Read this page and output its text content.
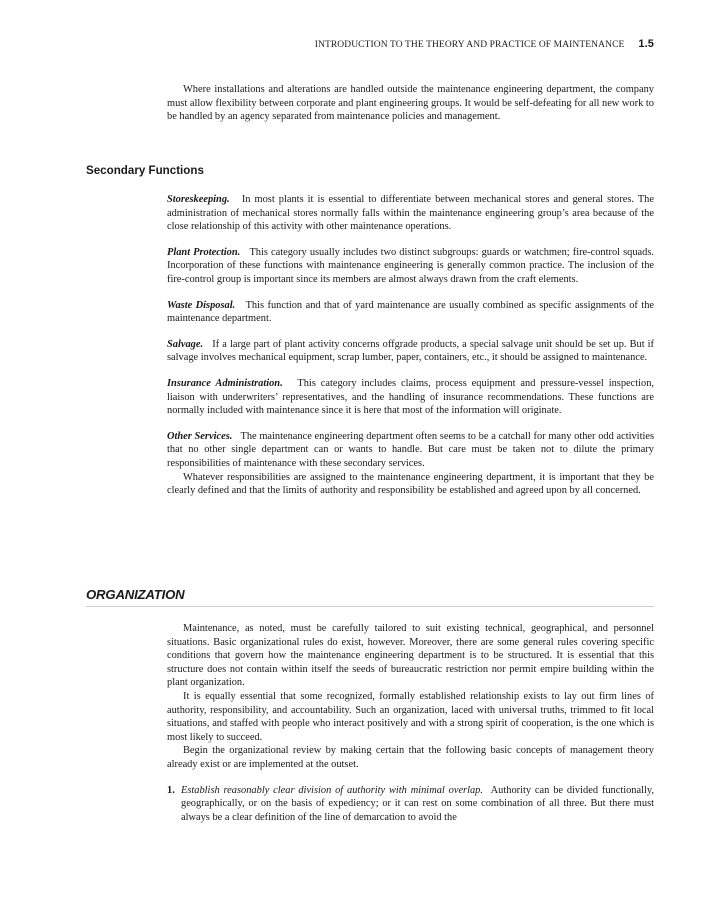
INTRODUCTION TO THE THEORY AND PRACTICE OF MAINTENANCE 1.5

Where installations and alterations are handled outside the maintenance engineering department, the company must allow flexibility between corporate and plant engineering groups. It would be self-defeating for all new work to be handled by an agency separated from maintenance policies and management.

Secondary Functions

Storeskeeping. In most plants it is essential to differentiate between mechanical stores and general stores. The administration of mechanical stores normally falls within the maintenance engineering group’s area because of the close relationship of this activity with other maintenance operations.

Plant Protection. This category usually includes two distinct subgroups: guards or watchmen; fire-control squads. Incorporation of these functions with maintenance engineering is generally common practice. The inclusion of the fire-control group is important since its members are almost always drawn from the craft elements.

Waste Disposal. This function and that of yard maintenance are usually combined as specific assignments of the maintenance department.

Salvage. If a large part of plant activity concerns offgrade products, a special salvage unit should be set up. But if salvage involves mechanical equipment, scrap lumber, paper, containers, etc., it should be assigned to maintenance.

Insurance Administration. This category includes claims, process equipment and pressure-vessel inspection, liaison with underwriters’ representatives, and the handling of insurance recommendations. These functions are normally included with maintenance since it is here that most of the information will originate.

Other Services. The maintenance engineering department often seems to be a catchall for many other odd activities that no other single department can or wants to handle. But care must be taken not to dilute the primary responsibilities of maintenance with these secondary services.

Whatever responsibilities are assigned to the maintenance engineering department, it is important that they be clearly defined and that the limits of authority and responsibility be established and agreed upon by all concerned.

ORGANIZATION

Maintenance, as noted, must be carefully tailored to suit existing technical, geographical, and personnel situations. Basic organizational rules do exist, however. Moreover, there are some general rules covering specific conditions that govern how the maintenance engineering department is to be structured. It is essential that this structure does not contain within itself the seeds of bureaucratic restriction nor permit empire building within the plant organization.

It is equally essential that some recognized, formally established relationship exists to lay out firm lines of authority, responsibility, and accountability. Such an organization, laced with universal truths, trimmed to fit local situations, and staffed with people who interact positively and with a strong spirit of cooperation, is the one which is most likely to succeed.

Begin the organizational review by making certain that the following basic concepts of management theory already exist or are implemented at the outset.

1. Establish reasonably clear division of authority with minimal overlap. Authority can be divided functionally, geographically, or on the basis of expediency; or it can rest on some combination of all three. But there must always be a clear definition of the line of demarcation to avoid the
